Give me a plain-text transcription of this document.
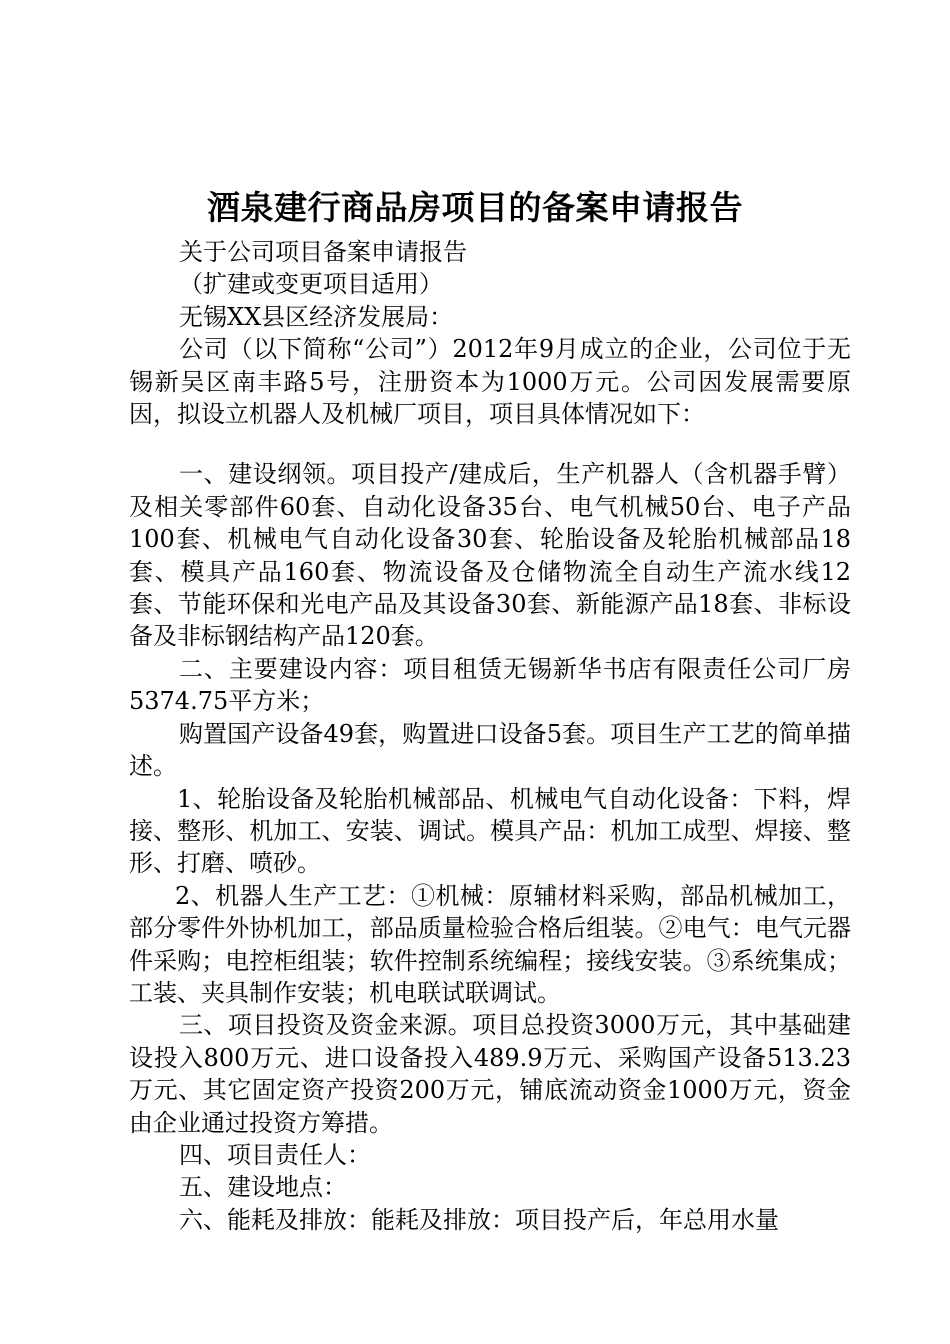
酒泉建行商品房项目的备案申请报告

关于公司项目备案申请报告

（扩建或变更项目适用）

无锡XX县区经济发展局：

公司（以下简称“公司”）2012年9月成立的企业，公司位于无锡新吴区南丰路5号，注册资本为1000万元。公司因发展需要原因，拟设立机器人及机械厂项目，项目具体情况如下：

一、建设纲领。项目投产/建成后，生产机器人（含机器手臂）及相关零部件60套、自动化设备35台、电气机械50台、电子产品100套、机械电气自动化设备30套、轮胎设备及轮胎机械部品18套、模具产品160套、物流设备及仓储物流全自动生产流水线12套、节能环保和光电产品及其设备30套、新能源产品18套、非标设备及非标钢结构产品120套。

二、主要建设内容：项目租赁无锡新华书店有限责任公司厂房5374.75平方米；

购置国产设备49套，购置进口设备5套。项目生产工艺的简单描述。

1、轮胎设备及轮胎机械部品、机械电气自动化设备：下料，焊接、整形、机加工、安装、调试。模具产品：机加工成型、焊接、整形、打磨、喷砂。

2、机器人生产工艺：①机械：原辅材料采购，部品机械加工，部分零件外协机加工，部品质量检验合格后组装。②电气：电气元器件采购；电控柜组装；软件控制系统编程；接线安装。③系统集成；工装、夹具制作安装；机电联试联调试。

三、项目投资及资金来源。项目总投资3000万元，其中基础建设投入800万元、进口设备投入489.9万元、采购国产设备513.23万元、其它固定资产投资200万元，铺底流动资金1000万元，资金由企业通过投资方筹措。

四、项目责任人：

五、建设地点：

六、能耗及排放：能耗及排放：项目投产后，年总用水量
